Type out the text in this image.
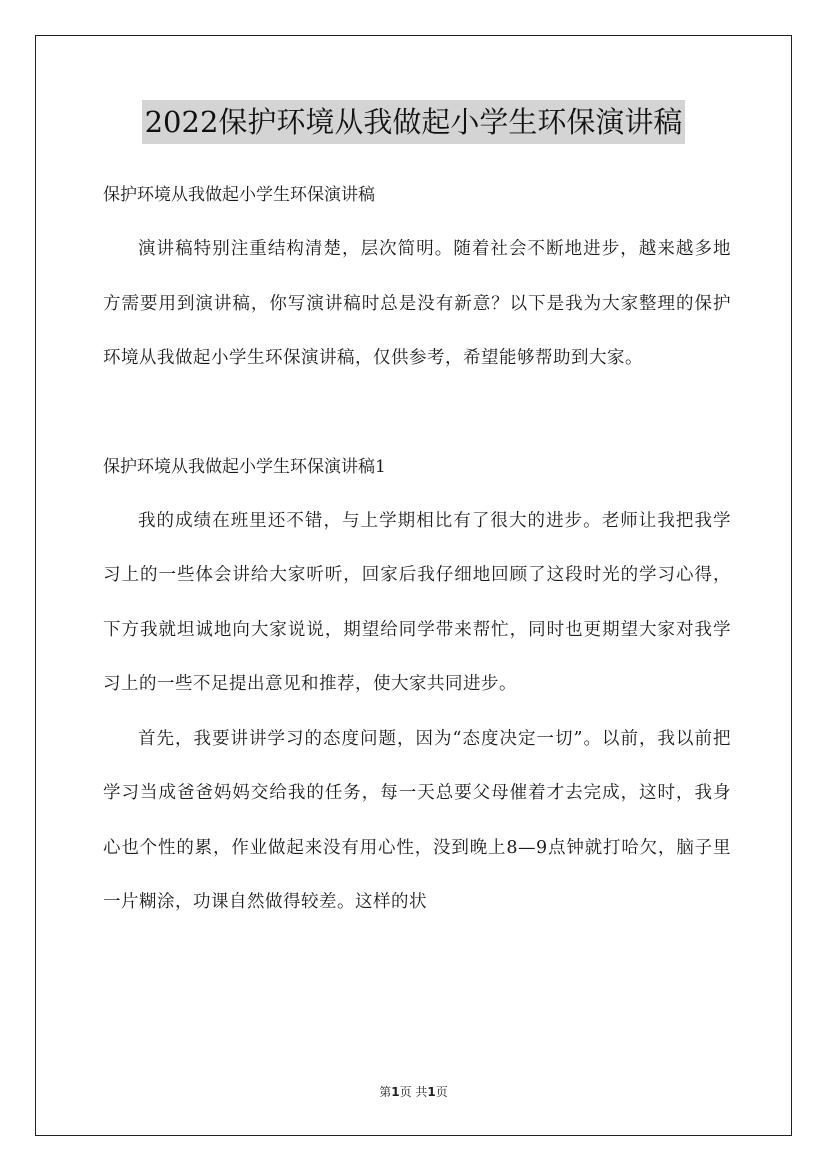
2022保护环境从我做起小学生环保演讲稿

保护环境从我做起小学生环保演讲稿

演讲稿特别注重结构清楚，层次简明。随着社会不断地进步，越来越多地方需要用到演讲稿，你写演讲稿时总是没有新意？以下是我为大家整理的保护环境从我做起小学生环保演讲稿，仅供参考，希望能够帮助到大家。

保护环境从我做起小学生环保演讲稿1

我的成绩在班里还不错，与上学期相比有了很大的进步。老师让我把我学习上的一些体会讲给大家听听，回家后我仔细地回顾了这段时光的学习心得，下方我就坦诚地向大家说说，期望给同学带来帮忙，同时也更期望大家对我学习上的一些不足提出意见和推荐，使大家共同进步。

首先，我要讲讲学习的态度问题，因为“态度决定一切”。以前，我以前把学习当成爸爸妈妈交给我的任务，每一天总要父母催着才去完成，这时，我身心也个性的累，作业做起来没有用心性，没到晚上8—9点钟就打哈欠，脑子里一片糊涂，功课自然做得较差。这样的状

第1页 共1页
